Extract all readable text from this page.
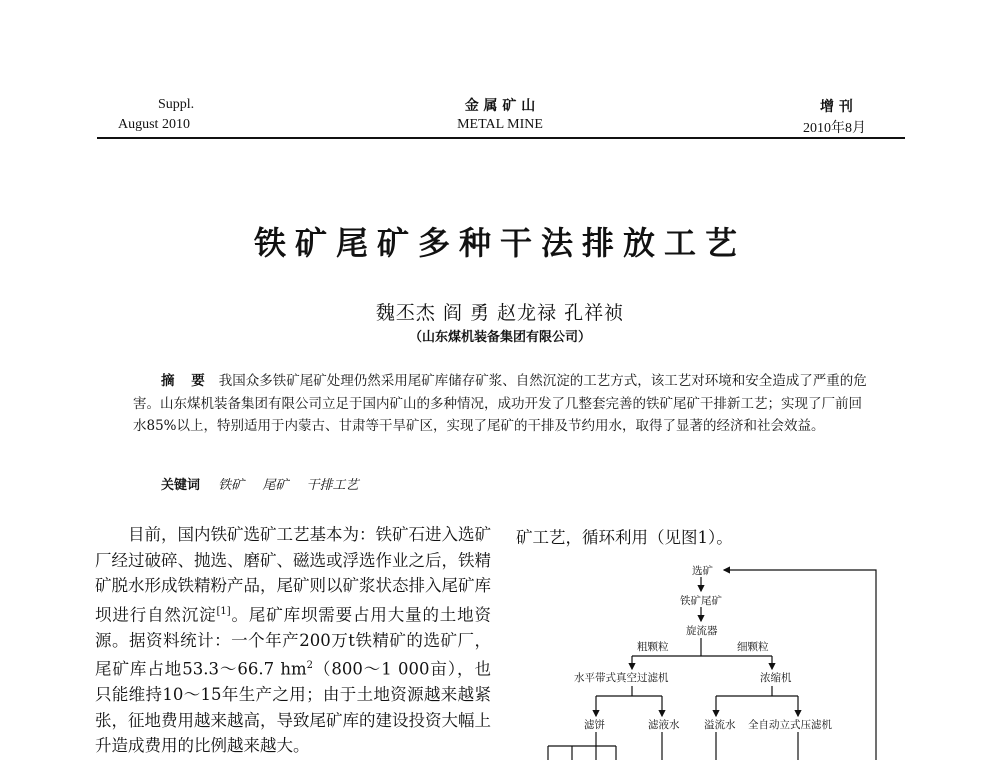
Suppl.
August 2010
金 属 矿 山
METAL MINE
增 刊
2010年8月
铁矿尾矿多种干法排放工艺
魏丕杰 阎 勇 赵龙禄 孔祥祯
（山东煤机装备集团有限公司）

摘 要 我国众多铁矿尾矿处理仍然采用尾矿库储存矿浆、自然沉淀的工艺方式，该工艺对环境和安全造成了严重的危害。山东煤机装备集团有限公司立足于国内矿山的多种情况，成功开发了几整套完善的铁矿尾矿干排新工艺；实现了厂前回水85%以上，特别适用于内蒙古、甘肃等干旱矿区，实现了尾矿的干排及节约用水，取得了显著的经济和社会效益。

关键词 铁矿 尾矿 干排工艺

目前，国内铁矿选矿工艺基本为：铁矿石进入选矿厂经过破碎、抛选、磨矿、磁选或浮选作业之后，铁精矿脱水形成铁精粉产品，尾矿则以矿浆状态排入尾矿库坝进行自然沉淀[1]。尾矿库坝需要占用大量的土地资源。据资料统计：一个年产200万t铁精矿的选矿厂，尾矿库占地53.3～66.7 $hm^2(800\sim 1$ 000亩），也只能维持10～15年生产之用；由于土地资源越来越紧张，征地费用越来越高，导致尾矿库的建设投资大幅上升造成费用的比例越来越大。

矿工艺，循环利用（见图1）。
选矿
铁矿尾矿
旋流器
粗颗粒	细颗粒
水平带式真空过滤机	浓缩机
滤饼	滤液水 溢流水 全自动立式压滤机
